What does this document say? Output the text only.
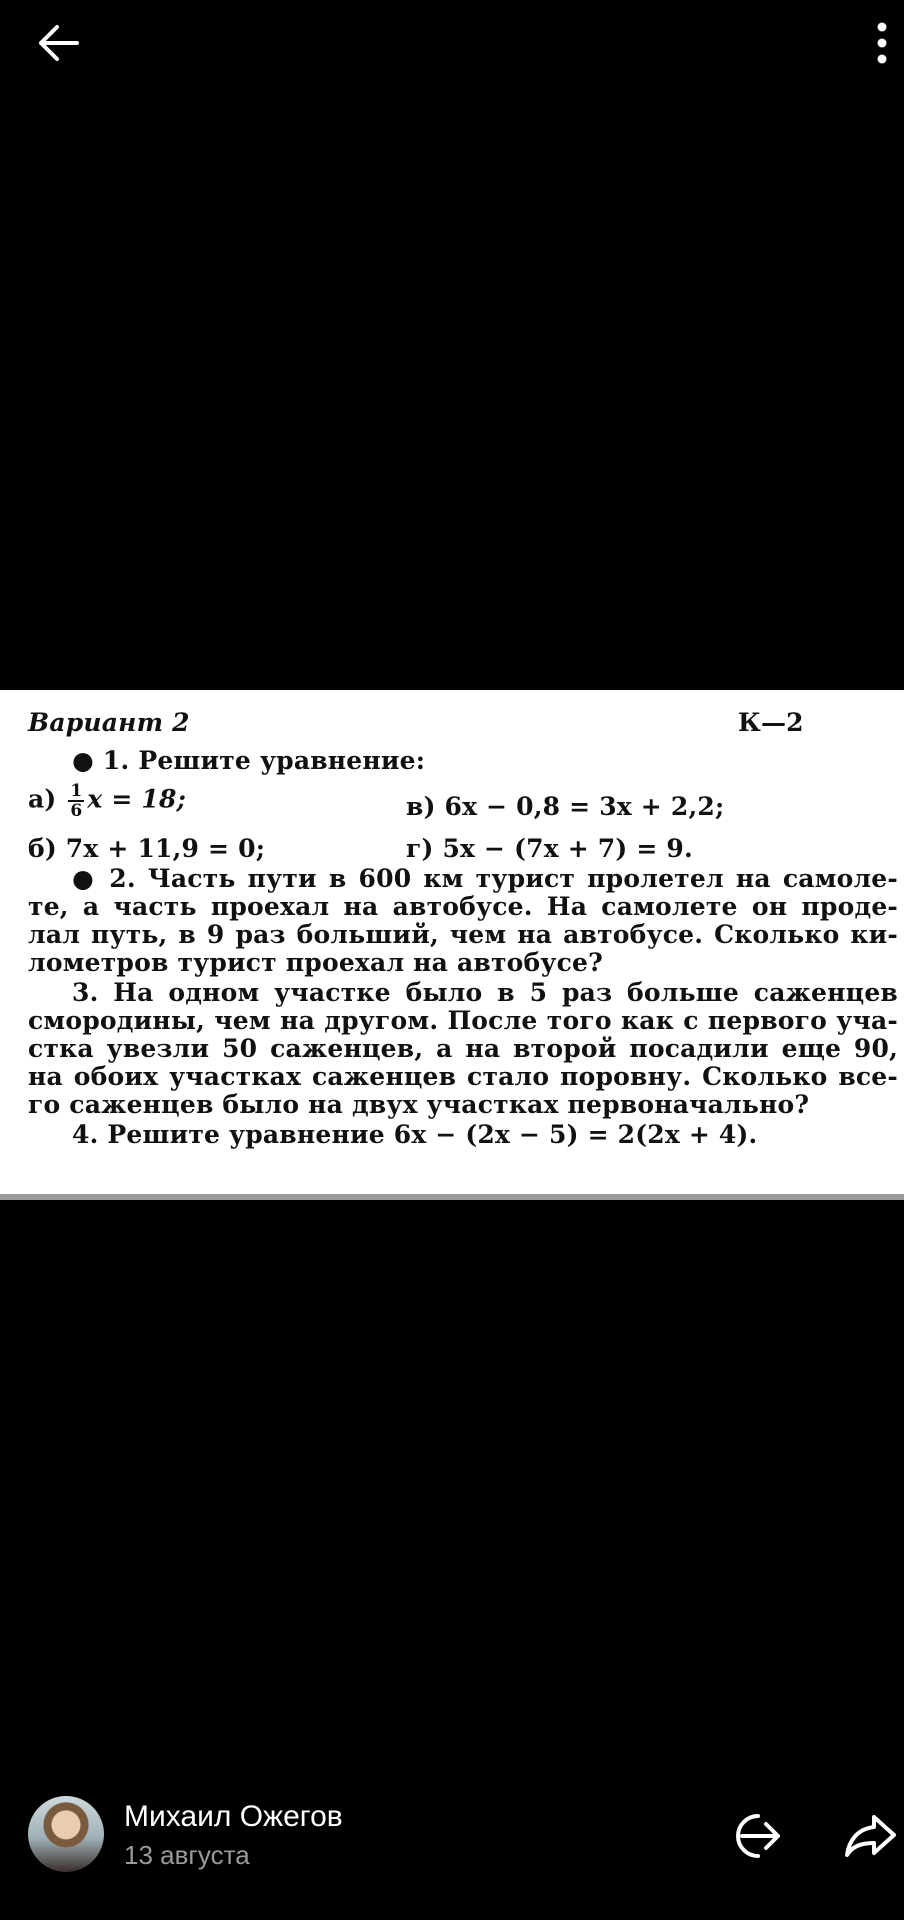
Вариант 2	К—2
● 1. Решите уравнение:
$а) \frac{1}{6}$ x = 18;	в) 6x − 0,8 = 3x + 2,2;
б) 7x + 11,9 = 0;	г) 5x − (7x + 7) = 9.
● 2. Часть пути в 600 км турист пролетел на самоле-
те, а часть проехал на автобусе. На самолете он проде-
лал путь, в 9 раз больший, чем на автобусе. Сколько ки-
лометров турист проехал на автобусе?
3. На одном участке было в 5 раз больше саженцев
смородины, чем на другом. После того как с первого уча-
стка увезли 50 саженцев, а на второй посадили еще 90,
на обоих участках саженцев стало поровну. Сколько все-
го саженцев было на двух участках первоначально?
4. Решите уравнение 6x − (2x − 5) = 2(2x + 4).
Михаил Ожегов
13 августа
